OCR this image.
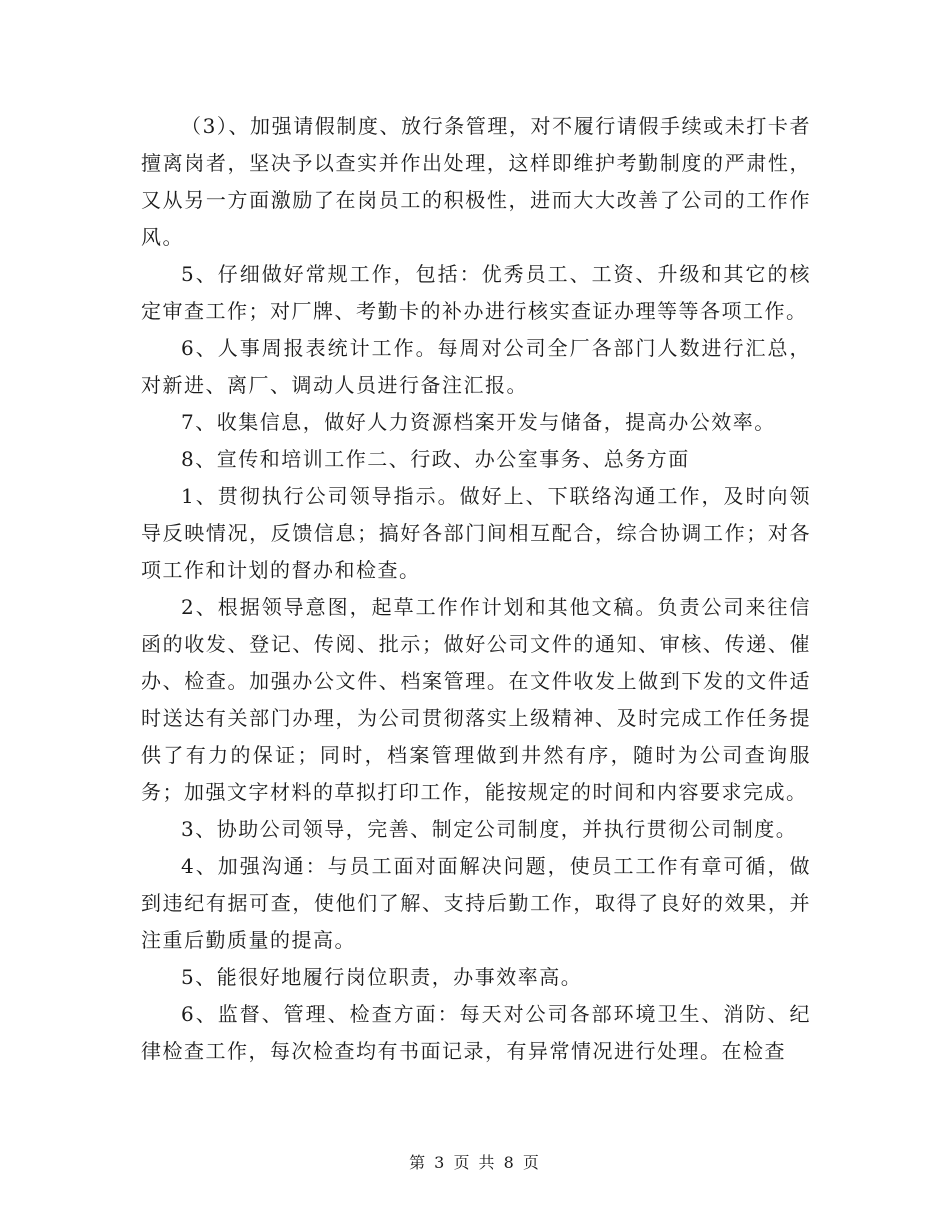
（3）、加强请假制度、放行条管理，对不履行请假手续或未打卡者擅离岗者，坚决予以查实并作出处理，这样即维护考勤制度的严肃性，又从另一方面激励了在岗员工的积极性，进而大大改善了公司的工作作风。

5、仔细做好常规工作，包括：优秀员工、工资、升级和其它的核定审查工作；对厂牌、考勤卡的补办进行核实查证办理等等各项工作。

6、人事周报表统计工作。每周对公司全厂各部门人数进行汇总，对新进、离厂、调动人员进行备注汇报。

7、收集信息，做好人力资源档案开发与储备，提高办公效率。

8、宣传和培训工作二、行政、办公室事务、总务方面

1、贯彻执行公司领导指示。做好上、下联络沟通工作，及时向领导反映情况，反馈信息；搞好各部门间相互配合，综合协调工作；对各项工作和计划的督办和检查。

2、根据领导意图，起草工作作计划和其他文稿。负责公司来往信函的收发、登记、传阅、批示；做好公司文件的通知、审核、传递、催办、检查。加强办公文件、档案管理。在文件收发上做到下发的文件适时送达有关部门办理，为公司贯彻落实上级精神、及时完成工作任务提供了有力的保证；同时，档案管理做到井然有序，随时为公司查询服务；加强文字材料的草拟打印工作，能按规定的时间和内容要求完成。

3、协助公司领导，完善、制定公司制度，并执行贯彻公司制度。

4、加强沟通：与员工面对面解决问题，使员工工作有章可循，做到违纪有据可查，使他们了解、支持后勤工作，取得了良好的效果，并注重后勤质量的提高。

5、能很好地履行岗位职责，办事效率高。

6、监督、管理、检查方面：每天对公司各部环境卫生、消防、纪律检查工作，每次检查均有书面记录，有异常情况进行处理。在检查

第 3 页 共 8 页
